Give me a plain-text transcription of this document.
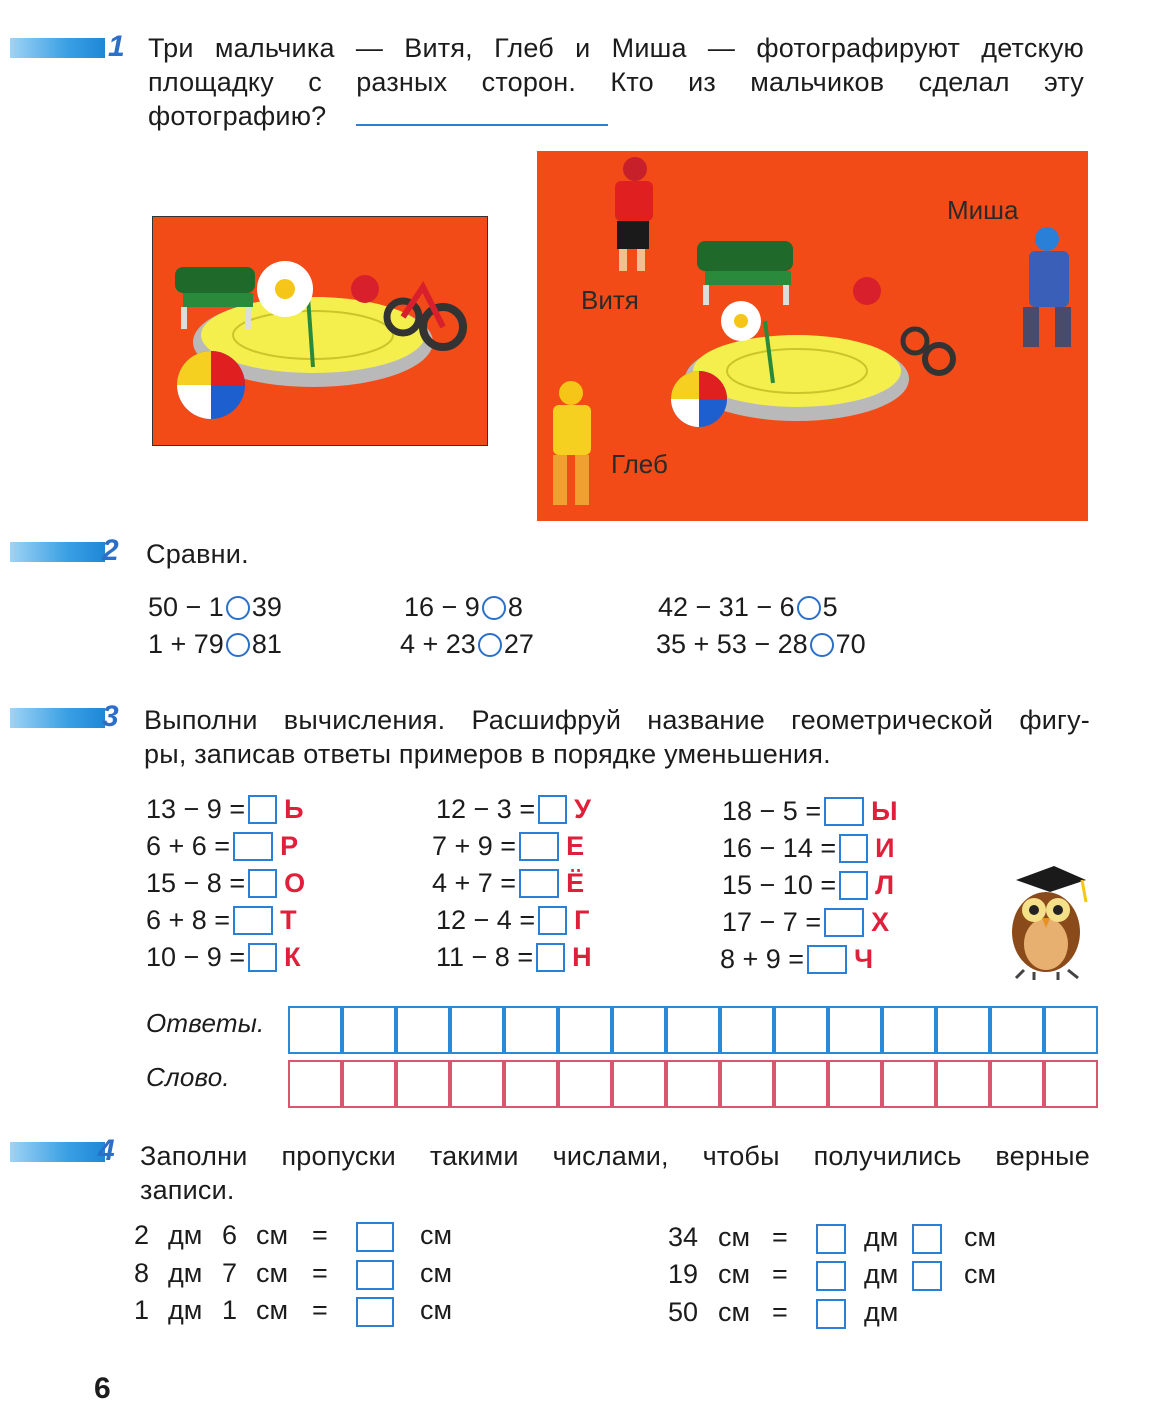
1 Три мальчика — Витя, Глеб и Миша — фотографируют детскую
площадку с разных сторон. Кто из мальчиков сделал эту
фотографию?
Витя
Миша
Глеб
2 Сравни.
50 − 1 39
1 + 79 81
16 − 9 8
4 + 23 27
42 − 31 − 6 5
35 + 53 − 28 70
3 Выполни вычисления. Расшифруй название геометрической фигу-
ры, записав ответы примеров в порядке уменьшения.
13 − 9 = Ь
6 + 6 = Р
15 − 8 = О
6 + 8 = Т
10 − 9 = К
12 − 3 = У
7 + 9 = Е
4 + 7 = Ё
12 − 4 = Г
11 − 8 = Н
18 − 5 = Ы
16 − 14 = И
15 − 10 = Л
17 − 7 = Х
8 + 9 = Ч
Ответы.
Слово.
4 Заполни пропуски такими числами, чтобы получились верные
записи.
2 дм 6 см =	см
8 дм 7 см =	см
1 дм 1 см =	см
34 см =	дм см
19 см =	дм см
50 см =	дм
6
